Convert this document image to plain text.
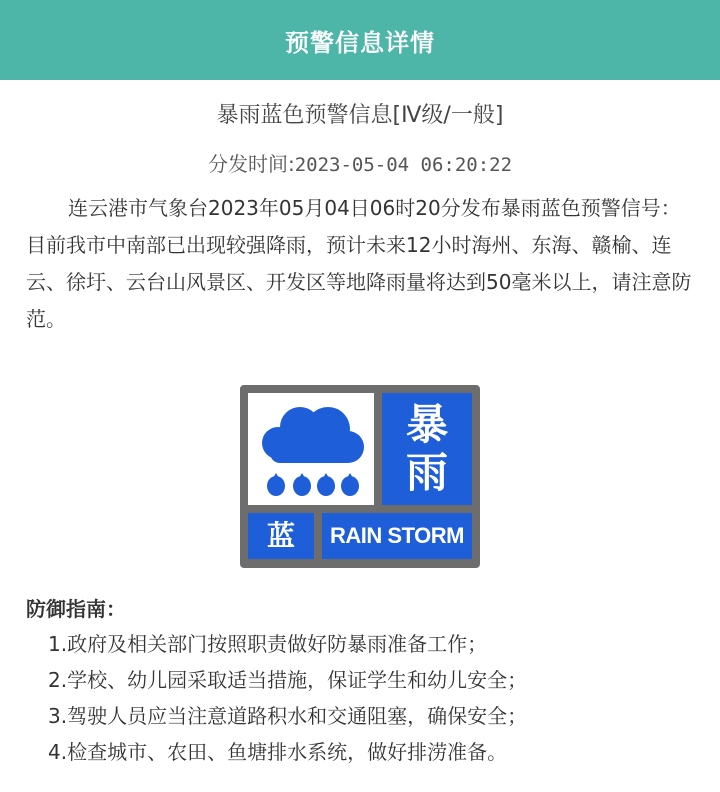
预警信息详情
暴雨蓝色预警信息[Ⅳ级/一般]
分发时间:2023-05-04 06:20:22
连云港市气象台2023年05月04日06时20分发布暴雨蓝色预警信号：目前我市中南部已出现较强降雨，预计未来12小时海州、东海、赣榆、连云、徐圩、云台山风景区、开发区等地降雨量将达到50毫米以上，请注意防范。
暴
雨
蓝	RAIN STORM
防御指南：
1.政府及相关部门按照职责做好防暴雨准备工作；
2.学校、幼儿园采取适当措施，保证学生和幼儿安全；
3.驾驶人员应当注意道路积水和交通阻塞，确保安全；
4.检查城市、农田、鱼塘排水系统，做好排涝准备。
